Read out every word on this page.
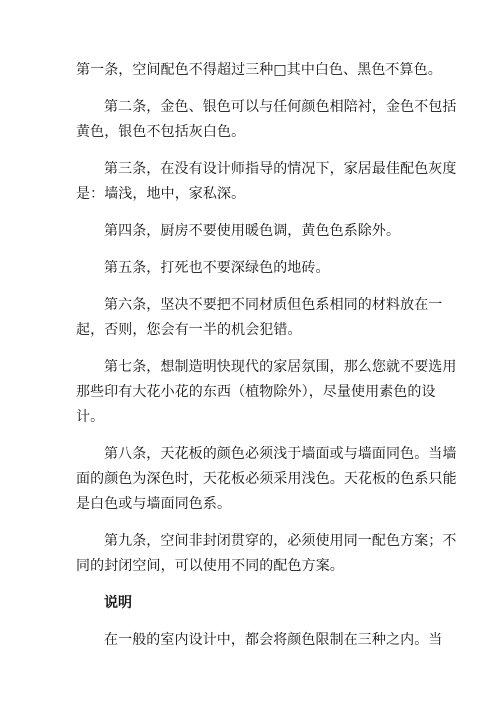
第一条，空间配色不得超过三种□其中白色、黑色不算色。

第二条，金色、银色可以与任何颜色相陪衬，金色不包括
黄色，银色不包括灰白色。

第三条，在没有设计师指导的情况下，家居最佳配色灰度
是：墙浅，地中，家私深。

第四条，厨房不要使用暖色调，黄色色系除外。

第五条，打死也不要深绿色的地砖。

第六条，坚决不要把不同材质但色系相同的材料放在一
起，否则，您会有一半的机会犯错。

第七条，想制造明快现代的家居氛围，那么您就不要选用
那些印有大花小花的东西（植物除外），尽量使用素色的设
计。

第八条，天花板的颜色必须浅于墙面或与墙面同色。当墙
面的颜色为深色时，天花板必须采用浅色。天花板的色系只能
是白色或与墙面同色系。

第九条，空间非封闭贯穿的，必须使用同一配色方案；不
同的封闭空间，可以使用不同的配色方案。

说明

在一般的室内设计中，都会将颜色限制在三种之内。当
